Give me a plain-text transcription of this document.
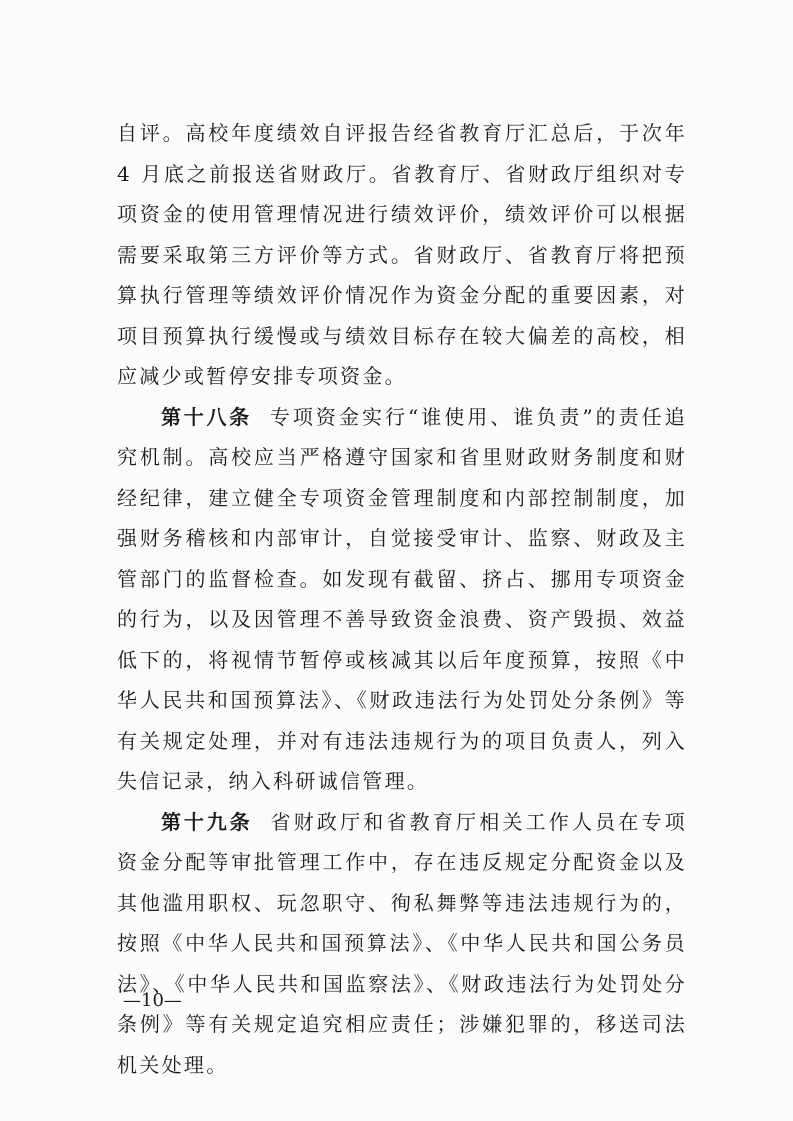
自评。高校年度绩效自评报告经省教育厅汇总后，于次年 4 月底之前报送省财政厅。省教育厅、省财政厅组织对专项资金的使用管理情况进行绩效评价，绩效评价可以根据需要采取第三方评价等方式。省财政厅、省教育厅将把预算执行管理等绩效评价情况作为资金分配的重要因素，对项目预算执行缓慢或与绩效目标存在较大偏差的高校，相应减少或暂停安排专项资金。

第十八条 专项资金实行“谁使用、谁负责”的责任追究机制。高校应当严格遵守国家和省里财政财务制度和财经纪律，建立健全专项资金管理制度和内部控制制度，加强财务稽核和内部审计，自觉接受审计、监察、财政及主管部门的监督检查。如发现有截留、挤占、挪用专项资金的行为，以及因管理不善导致资金浪费、资产毁损、效益低下的，将视情节暂停或核减其以后年度预算，按照《中华人民共和国预算法》、《财政违法行为处罚处分条例》等有关规定处理，并对有违法违规行为的项目负责人，列入失信记录，纳入科研诚信管理。

第十九条 省财政厅和省教育厅相关工作人员在专项资金分配等审批管理工作中，存在违反规定分配资金以及其他滥用职权、玩忽职守、徇私舞弊等违法违规行为的，按照《中华人民共和国预算法》、《中华人民共和国公务员法》、《中华人民共和国监察法》、《财政违法行为处罚处分条例》等有关规定追究相应责任；涉嫌犯罪的，移送司法机关处理。

—10—
